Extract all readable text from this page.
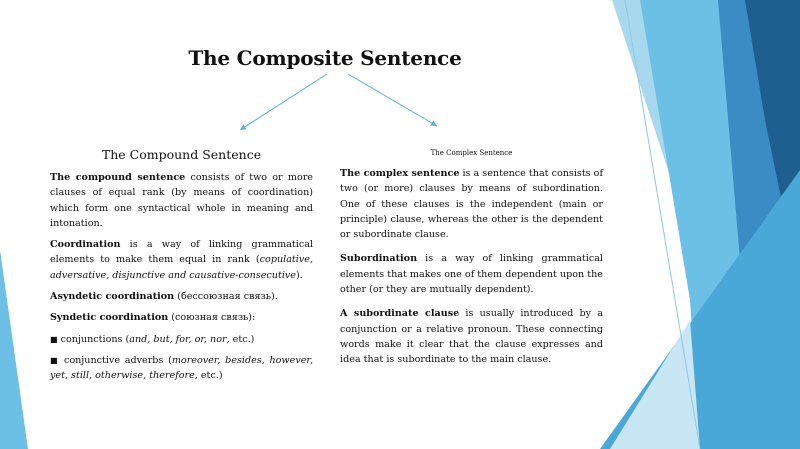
The Composite Sentence
The Compound Sentence	The Complex Sentence

The compound sentence consists of two or more clauses of equal rank (by means of coordination) which form one syntactical whole in meaning and intonation.

Coordination is a way of linking grammatical elements to make them equal in rank (copulative, adversative, disjunctive and causative-consecutive).

Asyndetic coordination (бессоюзная связь).

Syndetic coordination (союзная связь):

■ conjunctions (and, but, for, or, nor, etc.)

■ conjunctive adverbs (moreover, besides, however, yet, still, otherwise, therefore, etc.)

The complex sentence is a sentence that consists of two (or more) clauses by means of subordination. One of these clauses is the independent (main or principle) clause, whereas the other is the dependent or subordinate clause.

Subordination is a way of linking grammatical elements that makes one of them dependent upon the other (or they are mutually dependent).

A subordinate clause is usually introduced by a conjunction or a relative pronoun. These connecting words make it clear that the clause expresses and idea that is subordinate to the main clause.
